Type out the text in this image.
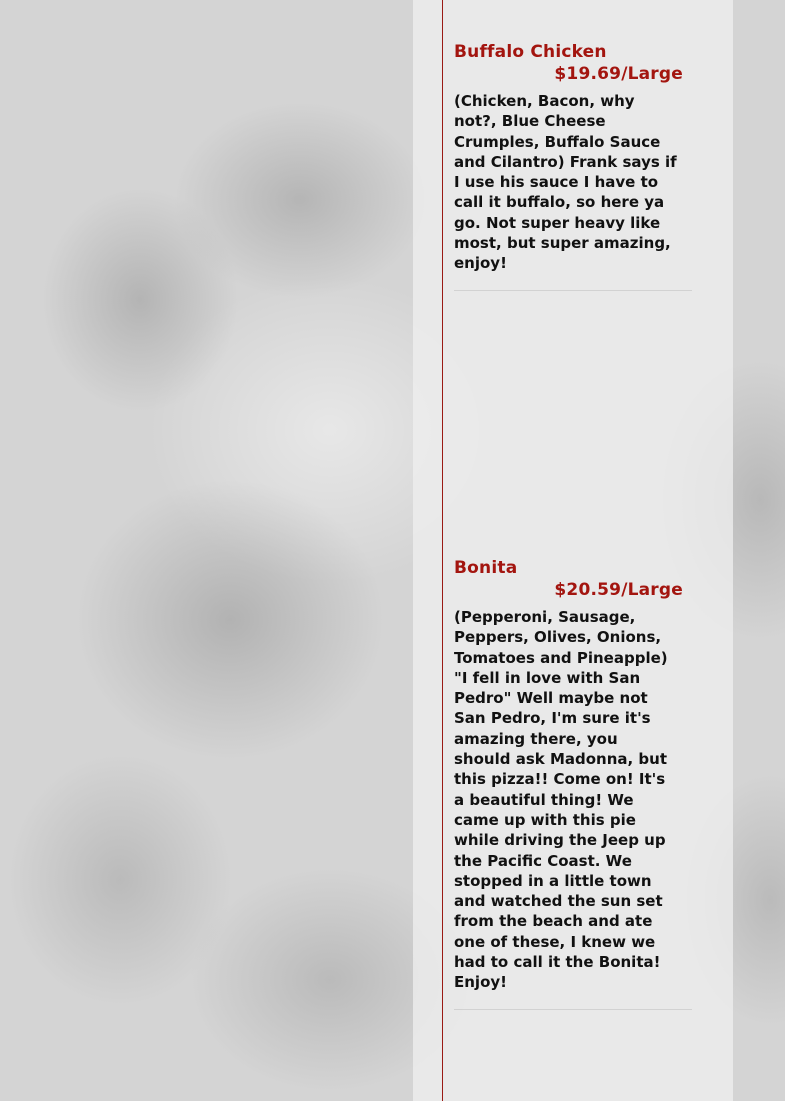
Buffalo Chicken
$19.69/Large
(Chicken, Bacon, why not?, Blue Cheese Crumples, Buffalo Sauce and Cilantro) Frank says if I use his sauce I have to call it buffalo, so here ya go. Not super heavy like most, but super amazing, enjoy!
Bonita
$20.59/Large
(Pepperoni, Sausage, Peppers, Olives, Onions, Tomatoes and Pineapple) "I fell in love with San Pedro" Well maybe not San Pedro, I'm sure it's amazing there, you should ask Madonna, but this pizza!! Come on! It's a beautiful thing! We came up with this pie while driving the Jeep up the Pacific Coast. We stopped in a little town and watched the sun set from the beach and ate one of these, I knew we had to call it the Bonita! Enjoy!
